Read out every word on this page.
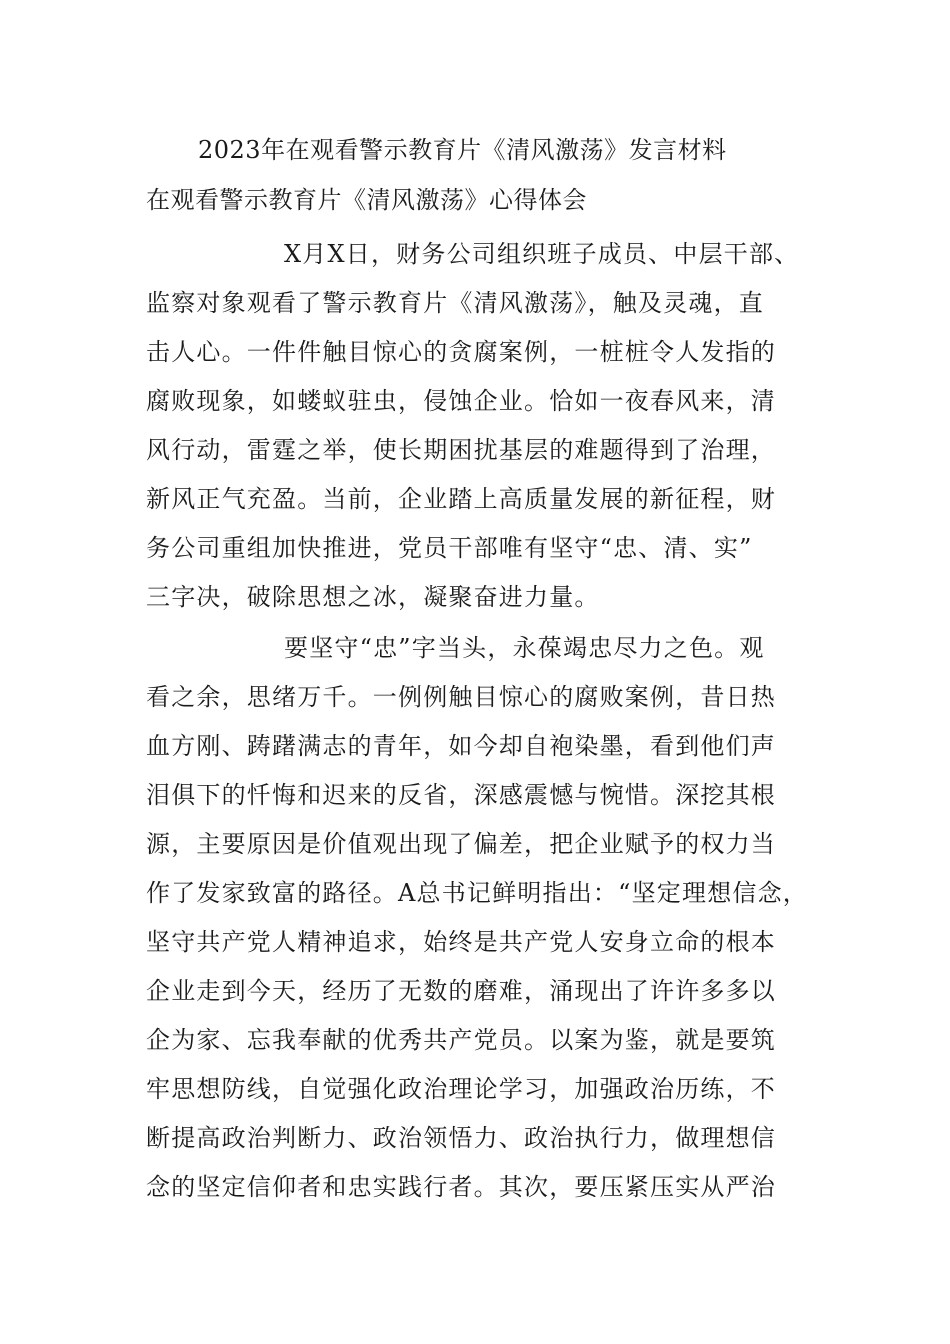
2023年在观看警示教育片《清风激荡》发言材料
在观看警示教育片《清风激荡》心得体会
X月X日，财务公司组织班子成员、中层干部、
监察对象观看了警示教育片《清风激荡》，触及灵魂，直
击人心。一件件触目惊心的贪腐案例，一桩桩令人发指的
腐败现象，如蝼蚁驻虫，侵蚀企业。恰如一夜春风来，清
风行动，雷霆之举，使长期困扰基层的难题得到了治理，
新风正气充盈。当前，企业踏上高质量发展的新征程，财
务公司重组加快推进，党员干部唯有坚守“忠、清、实”
三字决，破除思想之冰，凝聚奋进力量。
要坚守“忠”字当头，永葆竭忠尽力之色。观
看之余，思绪万千。一例例触目惊心的腐败案例，昔日热
血方刚、踌躇满志的青年，如今却自袍染墨，看到他们声
泪俱下的忏悔和迟来的反省，深感震憾与惋惜。深挖其根
源，主要原因是价值观出现了偏差，把企业赋予的权力当
作了发家致富的路径。A总书记鲜明指出：“坚定理想信念，
坚守共产党人精神追求，始终是共产党人安身立命的根本
企业走到今天，经历了无数的磨难，涌现出了许许多多以
企为家、忘我奉献的优秀共产党员。以案为鉴，就是要筑
牢思想防线，自觉强化政治理论学习，加强政治历练，不
断提高政治判断力、政治领悟力、政治执行力，做理想信
念的坚定信仰者和忠实践行者。其次，要压紧压实从严治
